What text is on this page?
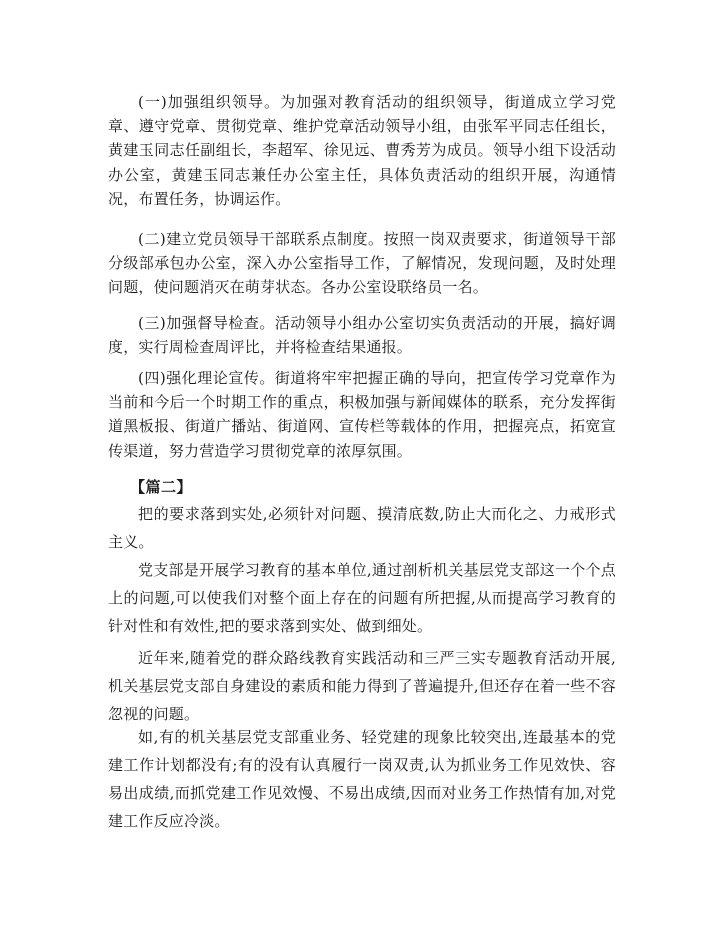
(一)加强组织领导。为加强对教育活动的组织领导，街道成立学习党章、遵守党章、贯彻党章、维护党章活动领导小组，由张军平同志任组长，黄建玉同志任副组长，李超军、徐见远、曹秀芳为成员。领导小组下设活动办公室，黄建玉同志兼任办公室主任，具体负责活动的组织开展，沟通情况，布置任务，协调运作。

(二)建立党员领导干部联系点制度。按照一岗双责要求，街道领导干部分级部承包办公室，深入办公室指导工作，了解情况，发现问题，及时处理问题，使问题消灭在萌芽状态。各办公室设联络员一名。

(三)加强督导检查。活动领导小组办公室切实负责活动的开展，搞好调度，实行周检查周评比，并将检查结果通报。

(四)强化理论宣传。街道将牢牢把握正确的导向，把宣传学习党章作为当前和今后一个时期工作的重点，积极加强与新闻媒体的联系，充分发挥街道黑板报、街道广播站、街道网、宣传栏等载体的作用，把握亮点，拓宽宣传渠道，努力营造学习贯彻党章的浓厚氛围。

【篇二】

把的要求落到实处,必须针对问题、摸清底数,防止大而化之、力戒形式主义。

党支部是开展学习教育的基本单位,通过剖析机关基层党支部这一个个点上的问题,可以使我们对整个面上存在的问题有所把握,从而提高学习教育的针对性和有效性,把的要求落到实处、做到细处。

近年来,随着党的群众路线教育实践活动和三严三实专题教育活动开展,机关基层党支部自身建设的素质和能力得到了普遍提升,但还存在着一些不容忽视的问题。

如,有的机关基层党支部重业务、轻党建的现象比较突出,连最基本的党建工作计划都没有;有的没有认真履行一岗双责,认为抓业务工作见效快、容易出成绩,而抓党建工作见效慢、不易出成绩,因而对业务工作热情有加,对党建工作反应冷淡。
